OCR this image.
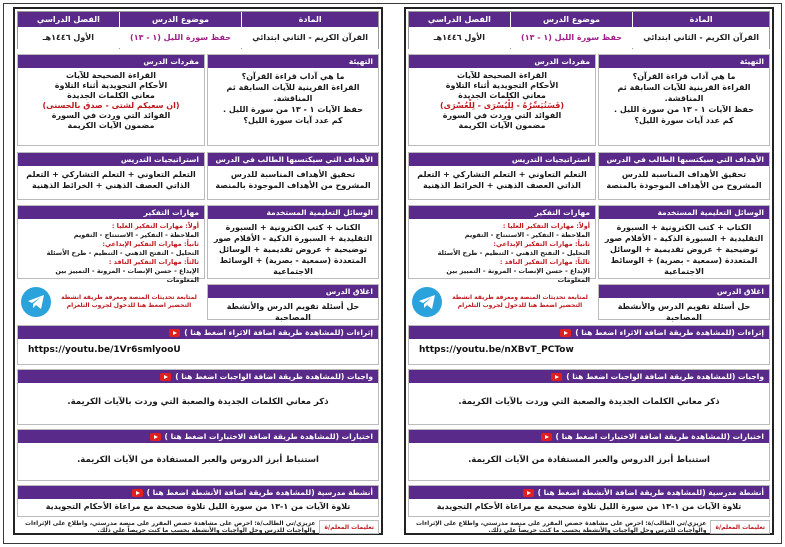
المادة
القرآن الكريم - الثاني ابتدائي
موضوع الدرس
حفظ سورة الليل (١ - ١٣)
الفصل الدراسي
الأول ١٤٤٦هـ
التهيئة

ما هي آداب قراءة القرآن؟

القراءة القرينية للآيات السابقة ثم المناقشة.

حفظ الآيات ١ - ١٣ من سورة الليل .

كم عدد آيات سورة الليل؟

مفردات الدرس

القراءة الصحيحة للآيات

الأحكام التجويدية أثناء التلاوة

معاني الكلمات الجديدة

(فَسَنُيَسِّرُهُ - لِلْيُسْرَى - لِلْعُسْرَى)

الفوائد التي وردت في السورة

مضمون الآيات الكريمة

الأهداف التي سيكتسبها الطالب في الدرس
تحقيق الأهداف المناسبة للدرس المشروح من الأهداف الموجودة بالمنصة
استراتيجيات التدريس
التعلم التعاوني + التعلم التشاركي + التعلم الذاتي العصف الذهني + الخرائط الذهنية
الوسائل التعليمية المستخدمة
الكتاب + كتب الكترونية + السبورة التقليدية + السبورة الذكية - الأقلام صور توضيحية + عروض تقديمية + الوسائل المتعددة (سمعية - بصرية) + الوسائط الاجتماعية
مهارات التفكير

أولاً: مهارات التفكير العليا :

الملاحظة - التفكير - الاستنتاج - التقويم

ثانياً: مهارات التفكير الإبداعي:

التحليل - التفتح الذهني - التنظيم - طرح الأسئلة

ثالثاً: مهارات التفكير الناقد :

الإبداع - حسن الإنصات - المرونة - التمييز بين المعلومات

اغلاق الدرس
حل أسئلة تقويم الدرس والأنشطة المصاحبة
لمتابعة تحديثات المنصة ومعرفة طريقة انشطة التحضير اضغط هنا للدخول لجروب التلغرام
إثراءات (للمشاهدة طريقة اضافة الاثراء اضغط هنا )
https://youtu.be/nXBvT_PCTow
واجبات (للمشاهدة طريقة اضافة الواجبات اضغط هنا )
ذكر معاني الكلمات الجديدة والصعبة التي وردت بالآيات الكريمة.
اختبارات (للمشاهدة طريقة اضافة الاختبارات اضغط هنا )
استنباط أبرز الدروس والعبر المستفادة من الآيات الكريمة.
أنشطة مدرسية (للمشاهدة طريقة اضافة الأنشطة اضغط هنا )
تلاوة الآيات من ١-١٣ من سورة الليل تلاوة صحيحة مع مراعاة الأحكام التجويدية
تعليمات المعلم/ة
عزيزي/تي الطالب/ة: احرص على مشاهدة حصص المقرر على منصة مدرستي، واطلاع على الإثراءات والواجبات للدرس وحل الواجبات والأنشطة بحسب ما كنت حريصاً على ذلك.
المادة
القرآن الكريم - الثاني ابتدائي
موضوع الدرس
حفظ سورة الليل (١ - ١٣)
الفصل الدراسي
الأول ١٤٤٦هـ
التهيئة

ما هي آداب قراءة القرآن؟

القراءة القرينية للآيات السابقة ثم المناقشة.

حفظ الآيات ١ - ١٣ من سورة الليل .

كم عدد آيات سورة الليل؟

مفردات الدرس

القراءة الصحيحة للآيات

الأحكام التجويدية أثناء التلاوة

معاني الكلمات الجديدة

(ان سعيكم لشتى - صدق بالحسنى)

الفوائد التي وردت في السورة

مضمون الآيات الكريمة

الأهداف التي سيكتسبها الطالب في الدرس
تحقيق الأهداف المناسبة للدرس المشروح من الأهداف الموجودة بالمنصة
استراتيجيات التدريس
التعلم التعاوني + التعلم التشاركي + التعلم الذاتي العصف الذهني + الخرائط الذهنية
الوسائل التعليمية المستخدمة
الكتاب + كتب الكترونية + السبورة التقليدية + السبورة الذكية - الأقلام صور توضيحية + عروض تقديمية + الوسائل المتعددة (سمعية - بصرية) + الوسائط الاجتماعية
مهارات التفكير

أولاً: مهارات التفكير العليا :

الملاحظة - التفكير - الاستنتاج - التقويم

ثانياً: مهارات التفكير الإبداعي:

التحليل - التفتح الذهني - التنظيم - طرح الأسئلة

ثالثاً: مهارات التفكير الناقد :

الإبداع - حسن الإنصات - المرونة - التمييز بين المعلومات

اغلاق الدرس
حل أسئلة تقويم الدرس والأنشطة المصاحبة
لمتابعة تحديثات المنصة ومعرفة طريقة انشطة التحضير اضغط هنا للدخول لجروب التلغرام
إثراءات (للمشاهدة طريقة اضافة الاثراء اضغط هنا )
https://youtu.be/1Vr6smlyooU
واجبات (للمشاهدة طريقة اضافة الواجبات اضغط هنا )
ذكر معاني الكلمات الجديدة والصعبة التي وردت بالآيات الكريمة.
اختبارات (للمشاهدة طريقة اضافة الاختبارات اضغط هنا )
استنباط أبرز الدروس والعبر المستفادة من الآيات الكريمة.
أنشطة مدرسية (للمشاهدة طريقة اضافة الأنشطة اضغط هنا )
تلاوة الآيات من ١-١٣ من سورة الليل تلاوة صحيحة مع مراعاة الأحكام التجويدية
تعليمات المعلم/ة
عزيزي/تي الطالب/ة: احرص على مشاهدة حصص المقرر على منصة مدرستي، واطلاع على الإثراءات والواجبات للدرس وحل الواجبات والأنشطة بحسب ما كنت حريصاً على ذلك.
